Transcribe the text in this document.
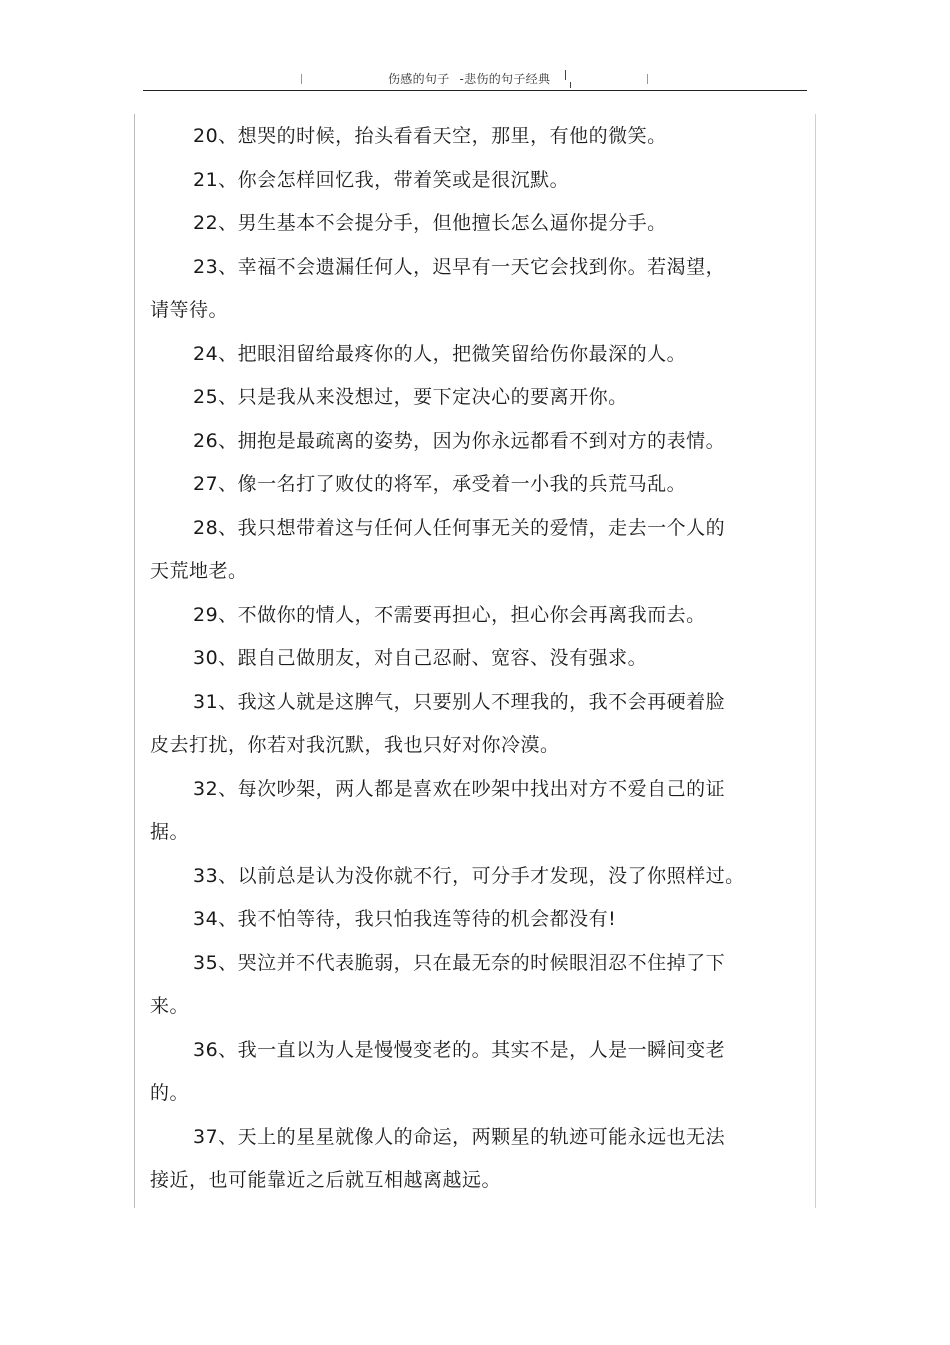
伤感的句子 -悲伤的句子经典
20、想哭的时候，抬头看看天空，那里，有他的微笑。
21、你会怎样回忆我，带着笑或是很沉默。
22、男生基本不会提分手，但他擅长怎么逼你提分手。
23、幸福不会遗漏任何人，迟早有一天它会找到你。若渴望，
请等待。
24、把眼泪留给最疼你的人，把微笑留给伤你最深的人。
25、只是我从来没想过，要下定决心的要离开你。
26、拥抱是最疏离的姿势，因为你永远都看不到对方的表情。
27、像一名打了败仗的将军，承受着一小我的兵荒马乱。
28、我只想带着这与任何人任何事无关的爱情，走去一个人的
天荒地老。
29、不做你的情人，不需要再担心，担心你会再离我而去。
30、跟自己做朋友，对自己忍耐、宽容、没有强求。
31、我这人就是这脾气，只要别人不理我的，我不会再硬着脸
皮去打扰，你若对我沉默，我也只好对你冷漠。
32、每次吵架，两人都是喜欢在吵架中找出对方不爱自己的证
据。
33、以前总是认为没你就不行，可分手才发现，没了你照样过。
34、我不怕等待，我只怕我连等待的机会都没有!
35、哭泣并不代表脆弱，只在最无奈的时候眼泪忍不住掉了下
来。
36、我一直以为人是慢慢变老的。其实不是，人是一瞬间变老
的。
37、天上的星星就像人的命运，两颗星的轨迹可能永远也无法
接近，也可能靠近之后就互相越离越远。
